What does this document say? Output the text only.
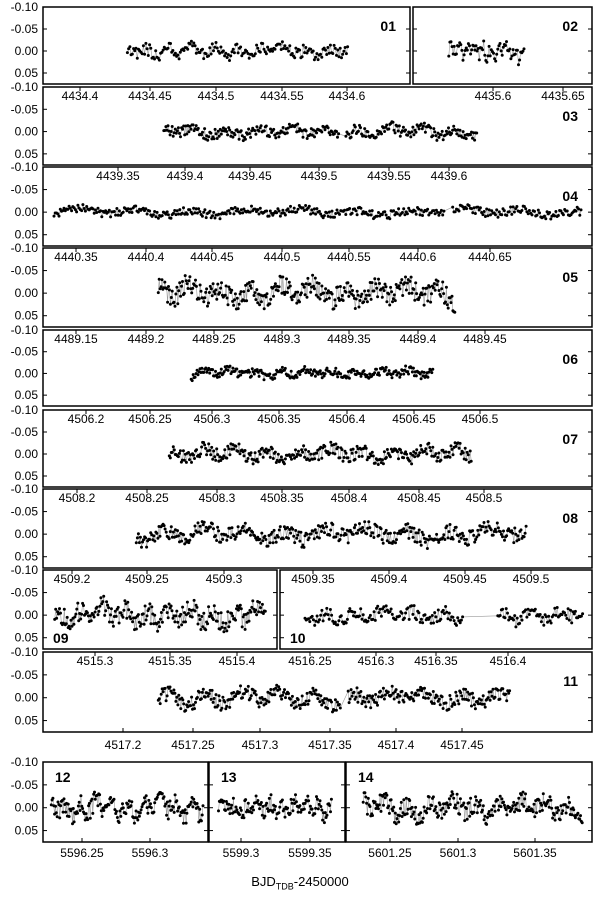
-0.10
-0.05
0.00
0.05
01	02
-0.10
-0.05
0.00
0.05
4434.4 4434.45 4434.5 4434.55 4434.6	4435.6 4435.65
03
-0.10
-0.05
0.00
0.05
4439.35 4439.4 4439.45 4439.5 4439.55 4439.6
04
-0.10
-0.05
0.00
0.05
4440.35 4440.4 4440.45 4440.5 4440.55 4440.6	4440.65
05
-0.10
-0.05
0.00
0.05
4489.15 4489.2 4489.25 4489.3 4489.35 4489.4 4489.45
06
-0.10
-0.05
0.00
0.05
4506.2 4506.25 4506.3 4506.35 4506.4 4506.45 4506.5
07
-0.10
-0.05
0.00
0.05
4508.2 4508.25 4508.3 4508.35 4508.4 4508.45 4508.5
08
-0.10
-0.05
0.00
0.05
4509.2	4509.25	4509.3
09
4509.35	4509.4	4509.45 4509.5
10
-0.10
-0.05
0.00
0.05
4515.3	4515.35 4515.4	4516.25 4516.3 4516.35	4516.4
4517.2 4517.25 4517.3 4517.35 4517.4 4517.45
11
-0.10
-0.05
0.00
0.05
5596.25 5596.3
12
5599.3 5599.35
13
5601.25 5601.3	5601.35
14
$BJD_{TDB}-2450000$
